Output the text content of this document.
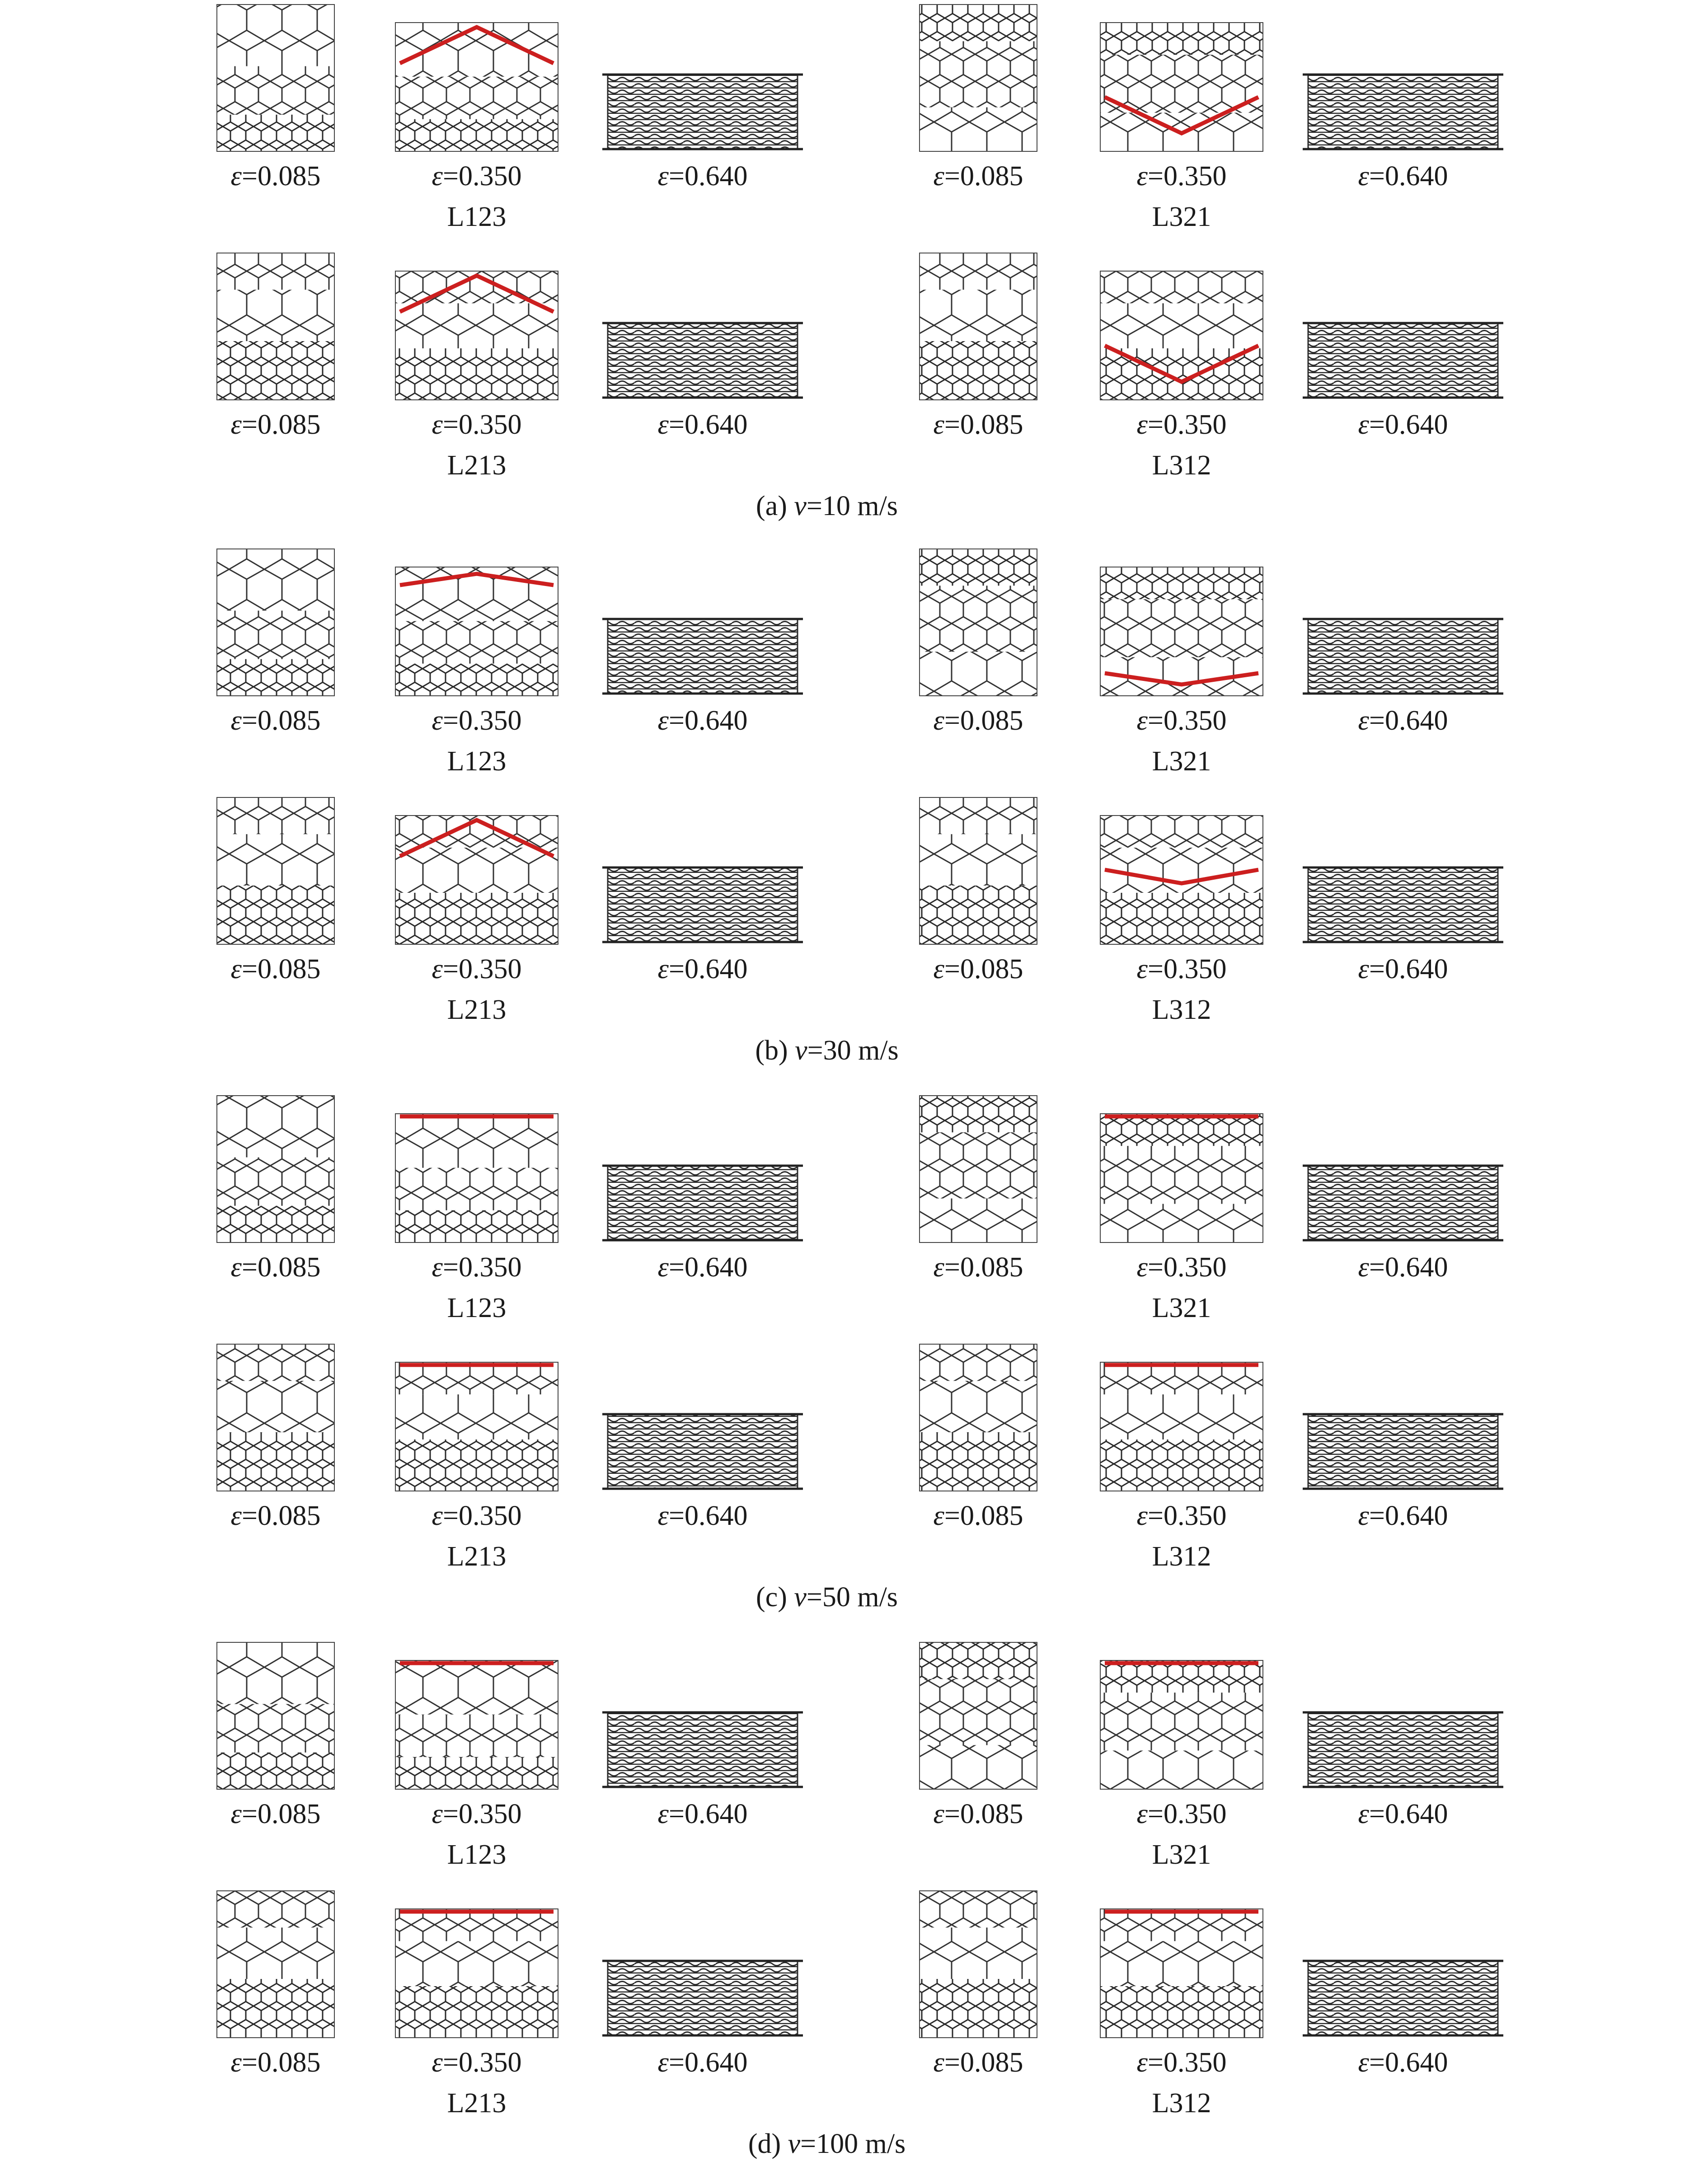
ε=0.085	ε=0.350	ε=0.640
L123
ε=0.085	ε=0.350	ε=0.640
L321
ε=0.085	ε=0.350	ε=0.640
L213
ε=0.085	ε=0.350	ε=0.640
L312
(a) v=10 m/s
ε=0.085	ε=0.350	ε=0.640
L123
ε=0.085	ε=0.350	ε=0.640
L321
ε=0.085	ε=0.350	ε=0.640
L213
ε=0.085	ε=0.350	ε=0.640
L312
(b) v=30 m/s
ε=0.085	ε=0.350	ε=0.640
L123
ε=0.085	ε=0.350	ε=0.640
L321
ε=0.085	ε=0.350	ε=0.640
L213
ε=0.085	ε=0.350	ε=0.640
L312
(c) v=50 m/s
ε=0.085	ε=0.350	ε=0.640
L123
ε=0.085	ε=0.350	ε=0.640
L321
ε=0.085	ε=0.350	ε=0.640
L213
ε=0.085	ε=0.350	ε=0.640
L312
(d) v=100 m/s
